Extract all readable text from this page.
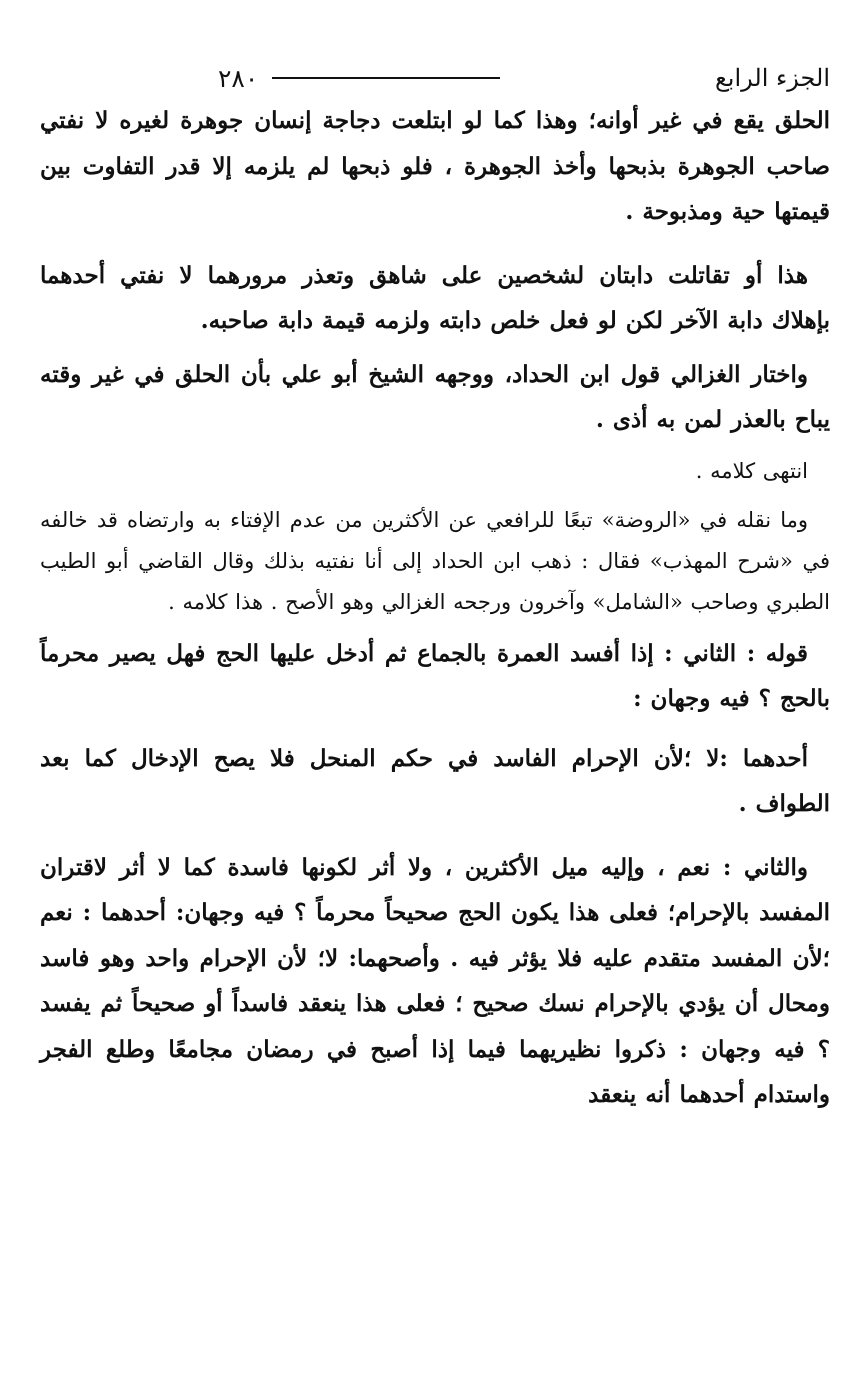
٢٨٠	الجزء الرابع

الحلق يقع في غير أوانه؛ وهذا كما لو ابتلعت دجاجة إنسان جوهرة لغيره لا نفتي صاحب الجوهرة بذبحها وأخذ الجوهرة ، فلو ذبحها لم يلزمه إلا قدر التفاوت بين قيمتها حية ومذبوحة .

هذا أو تقاتلت دابتان لشخصين على شاهق وتعذر مرورهما لا نفتي أحدهما بإهلاك دابة الآخر لكن لو فعل خلص دابته ولزمه قيمة دابة صاحبه.

واختار الغزالي قول ابن الحداد، ووجهه الشيخ أبو علي بأن الحلق في غير وقته يباح بالعذر لمن به أذى .

انتهى كلامه .

وما نقله في «الروضة» تبعًا للرافعي عن الأكثرين من عدم الإفتاء به وارتضاه قد خالفه في «شرح المهذب» فقال : ذهب ابن الحداد إلى أنا نفتيه بذلك وقال القاضي أبو الطيب الطبري وصاحب «الشامل» وآخرون ورجحه الغزالي وهو الأصح . هذا كلامه .

قوله : الثاني : إذا أفسد العمرة بالجماع ثم أدخل عليها الحج فهل يصير محرماً بالحج ؟ فيه وجهان :

أحدهما :لا ؛لأن الإحرام الفاسد في حكم المنحل فلا يصح الإدخال كما بعد الطواف .

والثاني : نعم ، وإليه ميل الأكثرين ، ولا أثر لكونها فاسدة كما لا أثر لاقتران المفسد بالإحرام؛ فعلى هذا يكون الحج صحيحاً محرماً ؟ فيه وجهان: أحدهما : نعم ؛لأن المفسد متقدم عليه فلا يؤثر فيه . وأصحهما: لا؛ لأن الإحرام واحد وهو فاسد ومحال أن يؤدي بالإحرام نسك صحيح ؛ فعلى هذا ينعقد فاسداً أو صحيحاً ثم يفسد ؟ فيه وجهان : ذكروا نظيريهما فيما إذا أصبح في رمضان مجامعًا وطلع الفجر واستدام أحدهما أنه ينعقد
